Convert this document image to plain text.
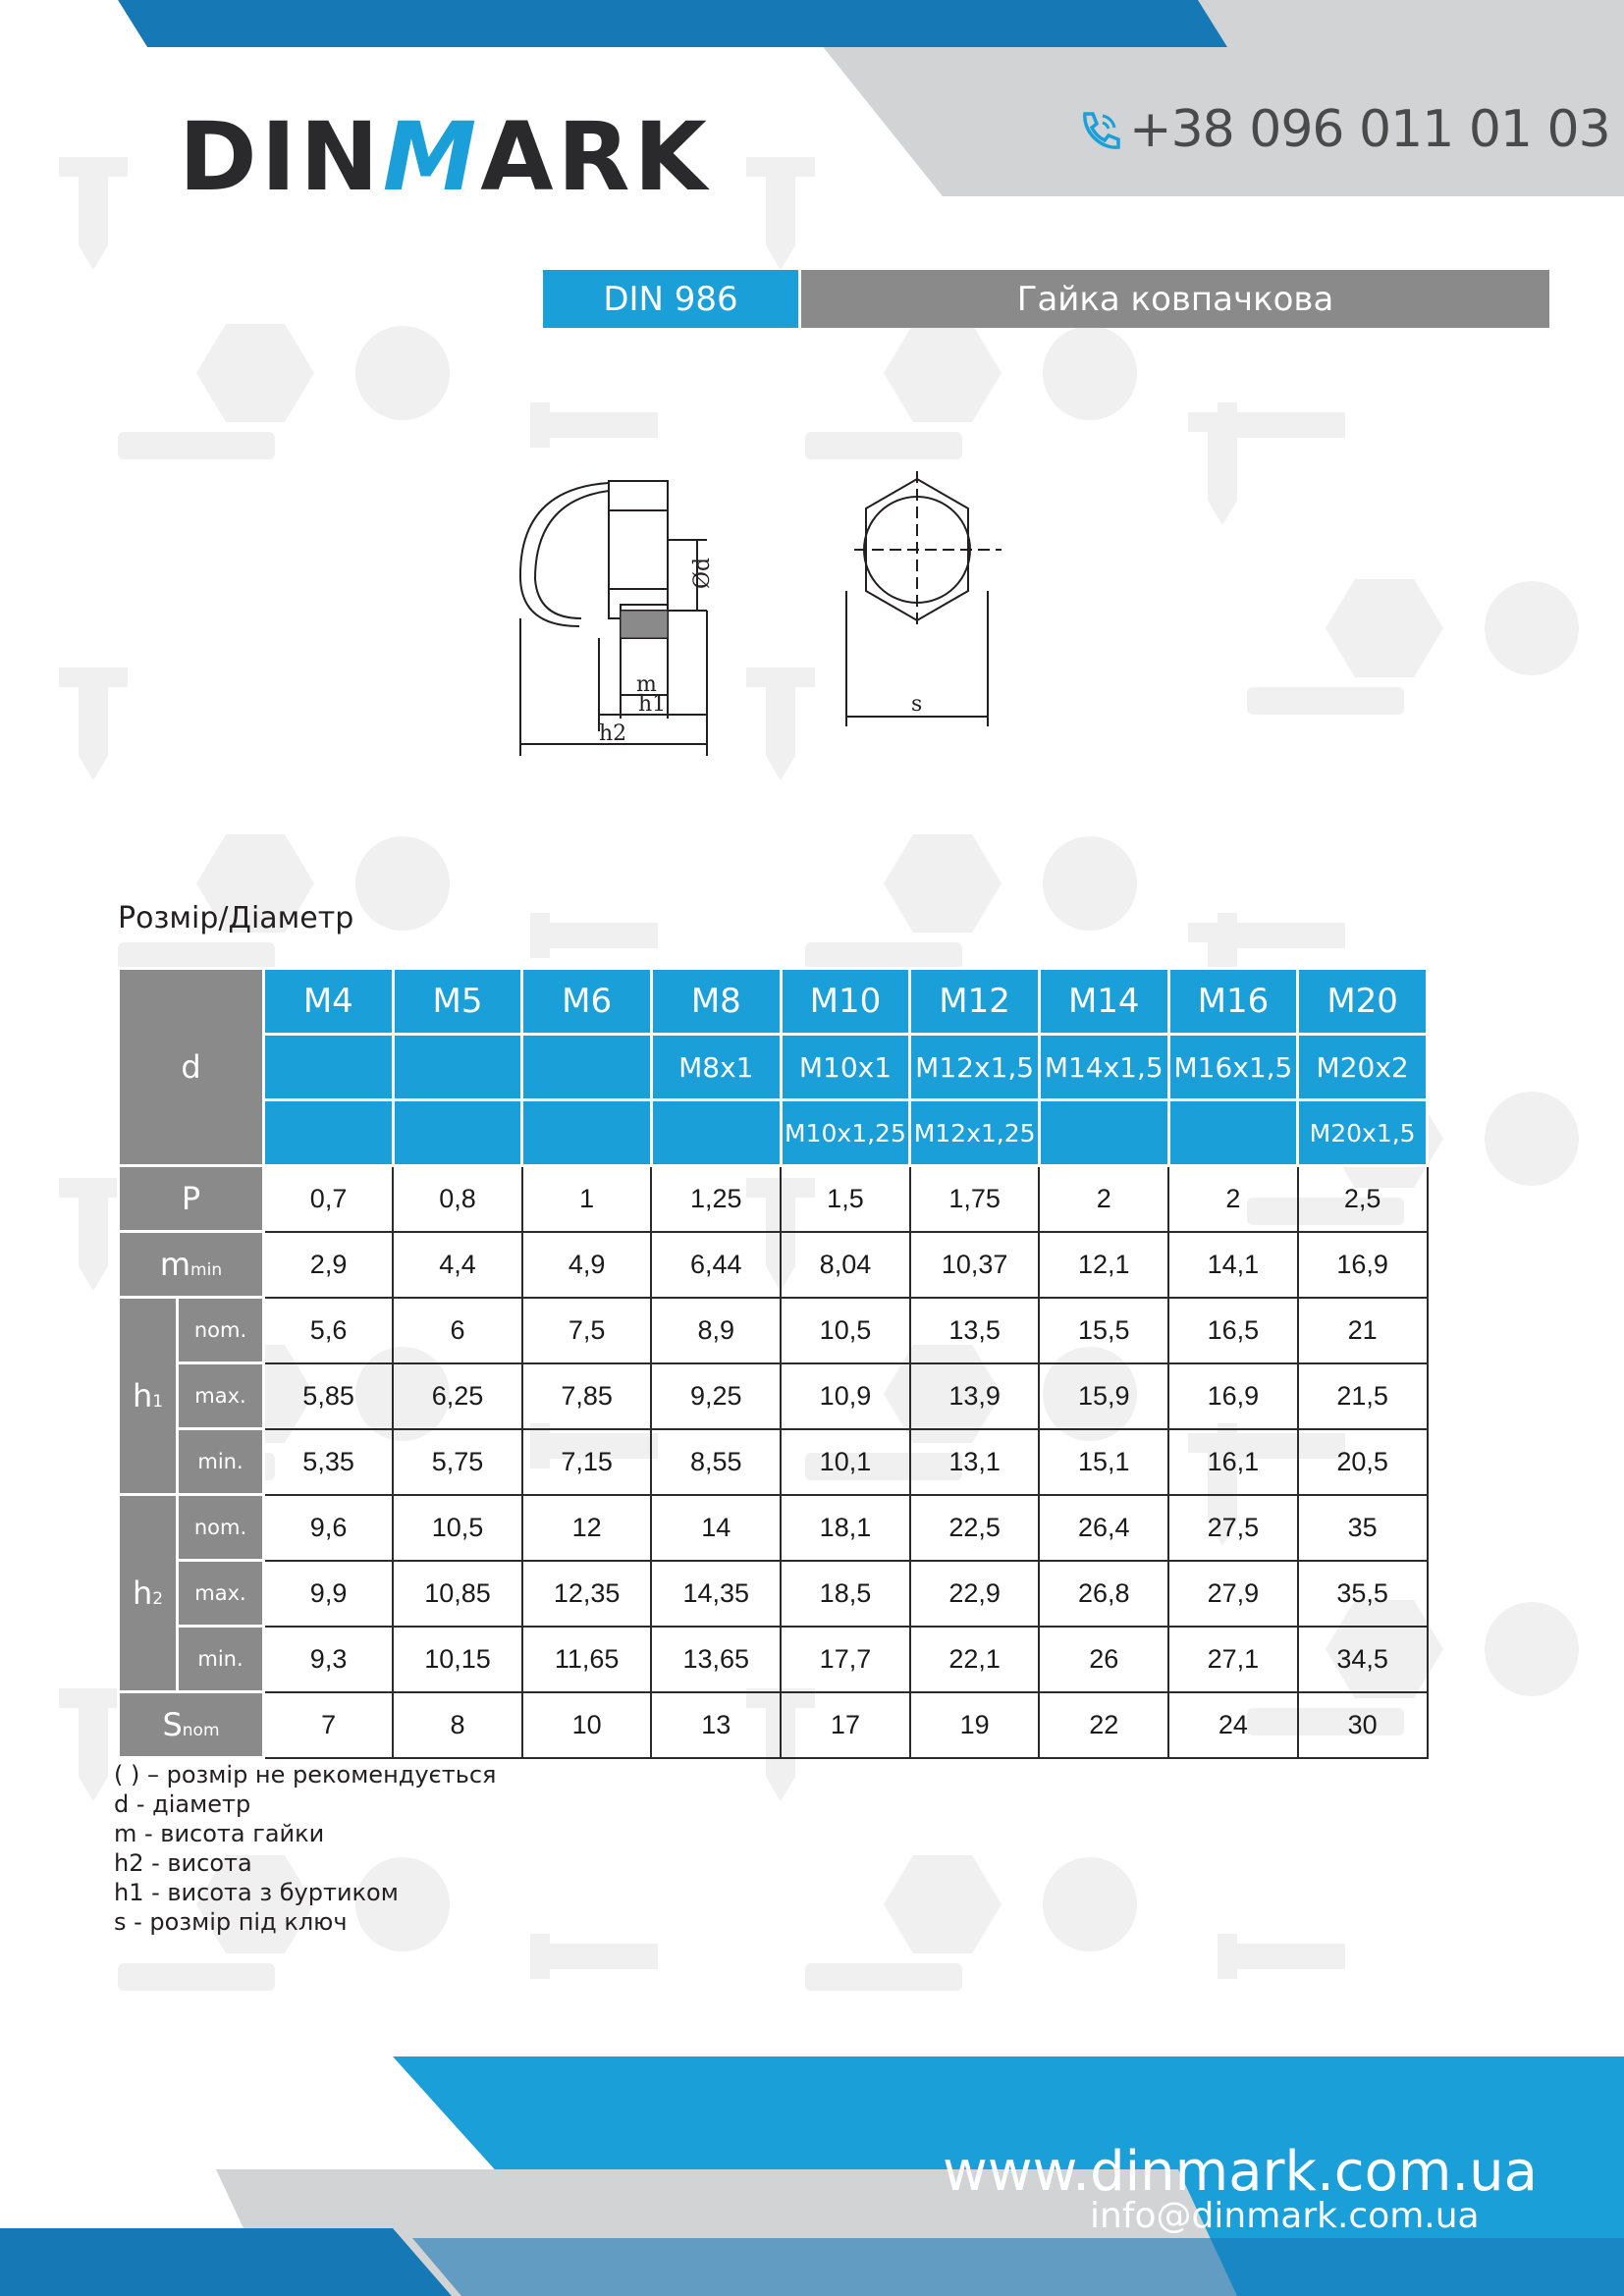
DINMARK	+38 096 011 01 03
DIN 986	Гайка ковпачкова
Ød
m
h1
h2
s
Розмір/Діаметр
d		M4	M5	M6	M8	M10	M12	M14	M16	M20
					M8x1	M10x1	M12x1,5	M14x1,5	M16x1,5	M20x2
						M10x1,25	M12x1,25			M20x1,5
P		0,7	0,8	1	1,25	1,5	1,75	2	2	2,5
mmin		2,9	4,4	4,9	6,44	8,04	10,37	12,1	14,1	16,9
h1	nom.	5,6	6	7,5	8,9	10,5	13,5	15,5	16,5	21
	max.	5,85	6,25	7,85	9,25	10,9	13,9	15,9	16,9	21,5
	min.	5,35	5,75	7,15	8,55	10,1	13,1	15,1	16,1	20,5
h2	nom.	9,6	10,5	12	14	18,1	22,5	26,4	27,5	35
	max.	9,9	10,85	12,35	14,35	18,5	22,9	26,8	27,9	35,5
	min.	9,3	10,15	11,65	13,65	17,7	22,1	26	27,1	34,5
Snom		7	8	10	13	17	19	22	24	30
( ) – розмір не рекомендується
d - діаметр
m - висота гайки
h2 - висота
h1 - висота з буртиком
s - розмір під ключ
www.dinmark.com.ua
info@dinmark.com.ua
